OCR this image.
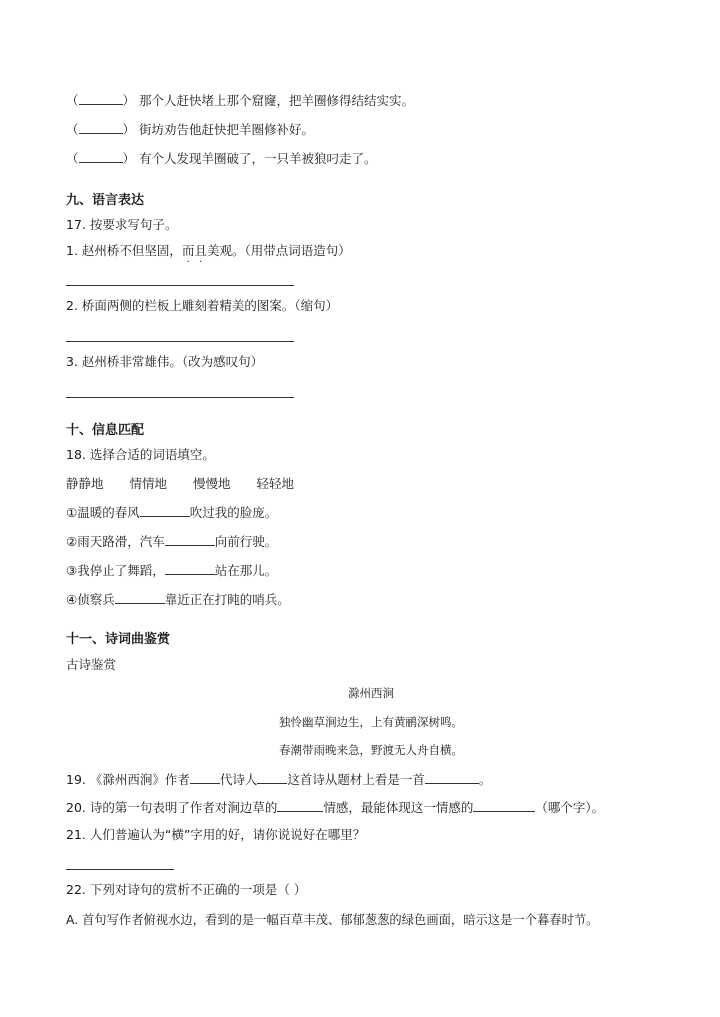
（	） 那个人赶快堵上那个窟窿，把羊圈修得结结实实。
（	） 街坊劝告他赶快把羊圈修补好。
（	） 有个人发现羊圈破了，一只羊被狼叼走了。
九、语言表达
17. 按要求写句子。
1. 赵州桥不但坚固，而且美观。（用带点词语造句）
2. 桥面两侧的栏板上雕刻着精美的图案。（缩句）
3. 赵州桥非常雄伟。（改为感叹句）
十、信息匹配
18. 选择合适的词语填空。
静静地 情情地 慢慢地 轻轻地
①温暖的春风	吹过我的脸庞。
②雨天路滑，汽车	向前行驶。
③我停止了舞蹈，	站在那儿。
④侦察兵	靠近正在打盹的哨兵。
十一、诗词曲鉴赏
古诗鉴赏
滁州西涧
独怜幽草涧边生，上有黄鹂深树鸣。
春潮带雨晚来急，野渡无人舟自横。
19. 《滁州西涧》作者 代诗人 这首诗从题材上看是一首	。
20. 诗的第一句表明了作者对涧边草的	情感，最能体现这一情感的	（哪个字）。
21. 人们普遍认为“横”字用的好，请你说说好在哪里？
22. 下列对诗句的赏析不正确的一项是（ ）
A. 首句写作者俯视水边，看到的是一幅百草丰茂、郁郁葱葱的绿色画面，暗示这是一个暮春时节。
